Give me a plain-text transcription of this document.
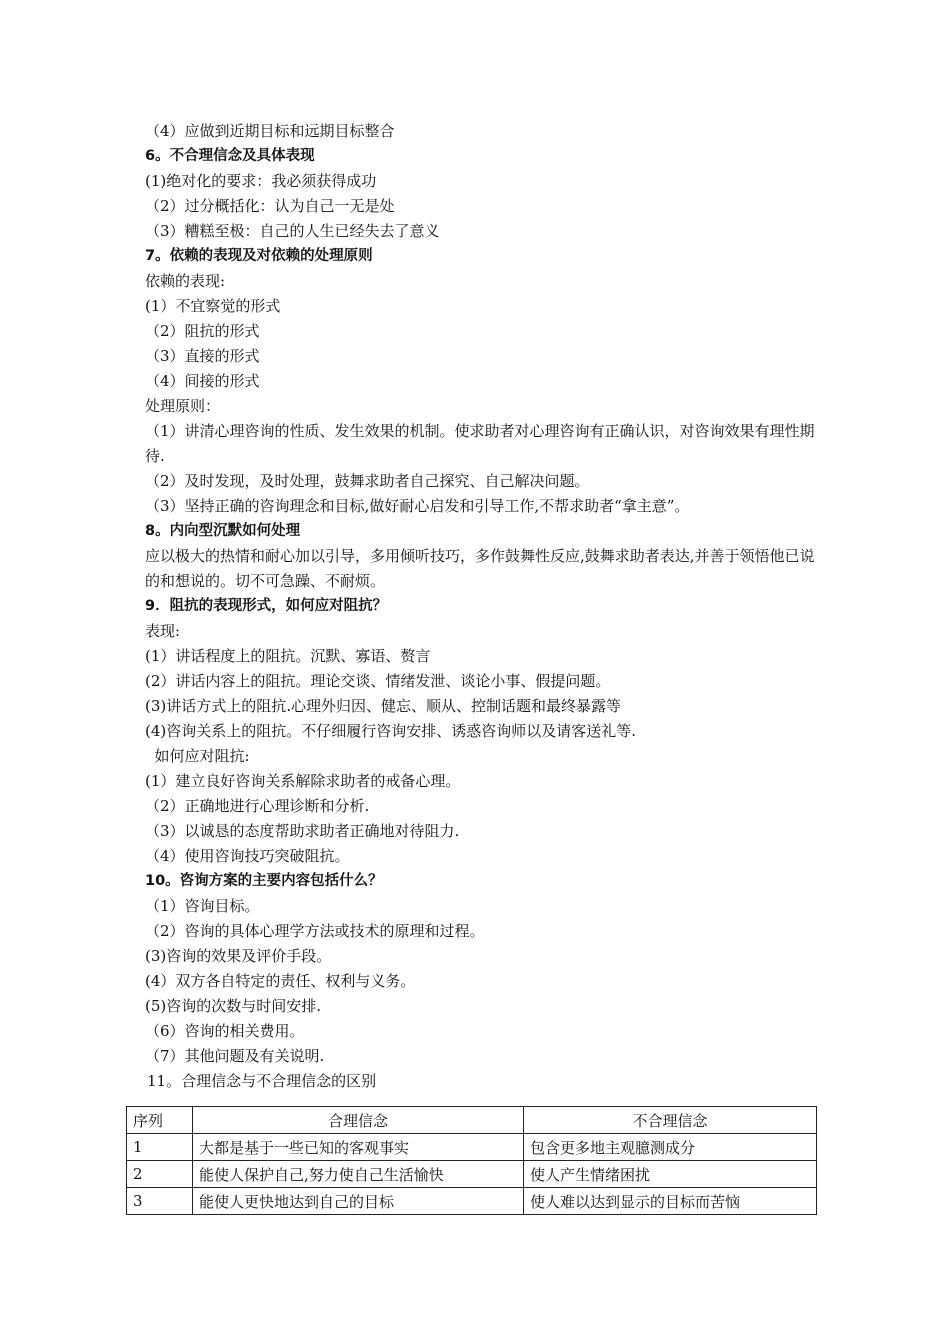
（4）应做到近期目标和远期目标整合
6。不合理信念及具体表现
(1)绝对化的要求：我必须获得成功
（2）过分概括化：认为自己一无是处
（3）糟糕至极：自己的人生已经失去了意义
7。依赖的表现及对依赖的处理原则
依赖的表现:
(1）不宜察觉的形式
（2）阻抗的形式
（3）直接的形式
（4）间接的形式
处理原则：
（1）讲清心理咨询的性质、发生效果的机制。使求助者对心理咨询有正确认识，对咨询效果有理性期待.
（2）及时发现，及时处理，鼓舞求助者自己探究、自己解决问题。
（3）坚持正确的咨询理念和目标,做好耐心启发和引导工作,不帮求助者“拿主意”。
8。内向型沉默如何处理
应以极大的热情和耐心加以引导，多用倾听技巧，多作鼓舞性反应,鼓舞求助者表达,并善于领悟他已说的和想说的。切不可急躁、不耐烦。
9．阻抗的表现形式，如何应对阻抗？
表现:
(1）讲话程度上的阻抗。沉默、寡语、赘言
(2）讲话内容上的阻抗。理论交谈、情绪发泄、谈论小事、假提问题。
(3)讲话方式上的阻抗.心理外归因、健忘、顺从、控制话题和最终暴露等
(4)咨询关系上的阻抗。不仔细履行咨询安排、诱惑咨询师以及请客送礼等.
如何应对阻抗:
(1）建立良好咨询关系解除求助者的戒备心理。
（2）正确地进行心理诊断和分析.
（3）以诚恳的态度帮助求助者正确地对待阻力.
（4）使用咨询技巧突破阻抗。
10。咨询方案的主要内容包括什么？
（1）咨询目标。
（2）咨询的具体心理学方法或技术的原理和过程。
(3)咨询的效果及评价手段。
(4）双方各自特定的责任、权利与义务。
(5)咨询的次数与时间安排.
（6）咨询的相关费用。
（7）其他问题及有关说明.
11。合理信念与不合理信念的区别
序列	合理信念	不合理信念
1	大都是基于一些已知的客观事实	包含更多地主观臆测成分
2	能使人保护自己,努力使自己生活愉快	使人产生情绪困扰
3	能使人更快地达到自己的目标	使人难以达到显示的目标而苦恼
